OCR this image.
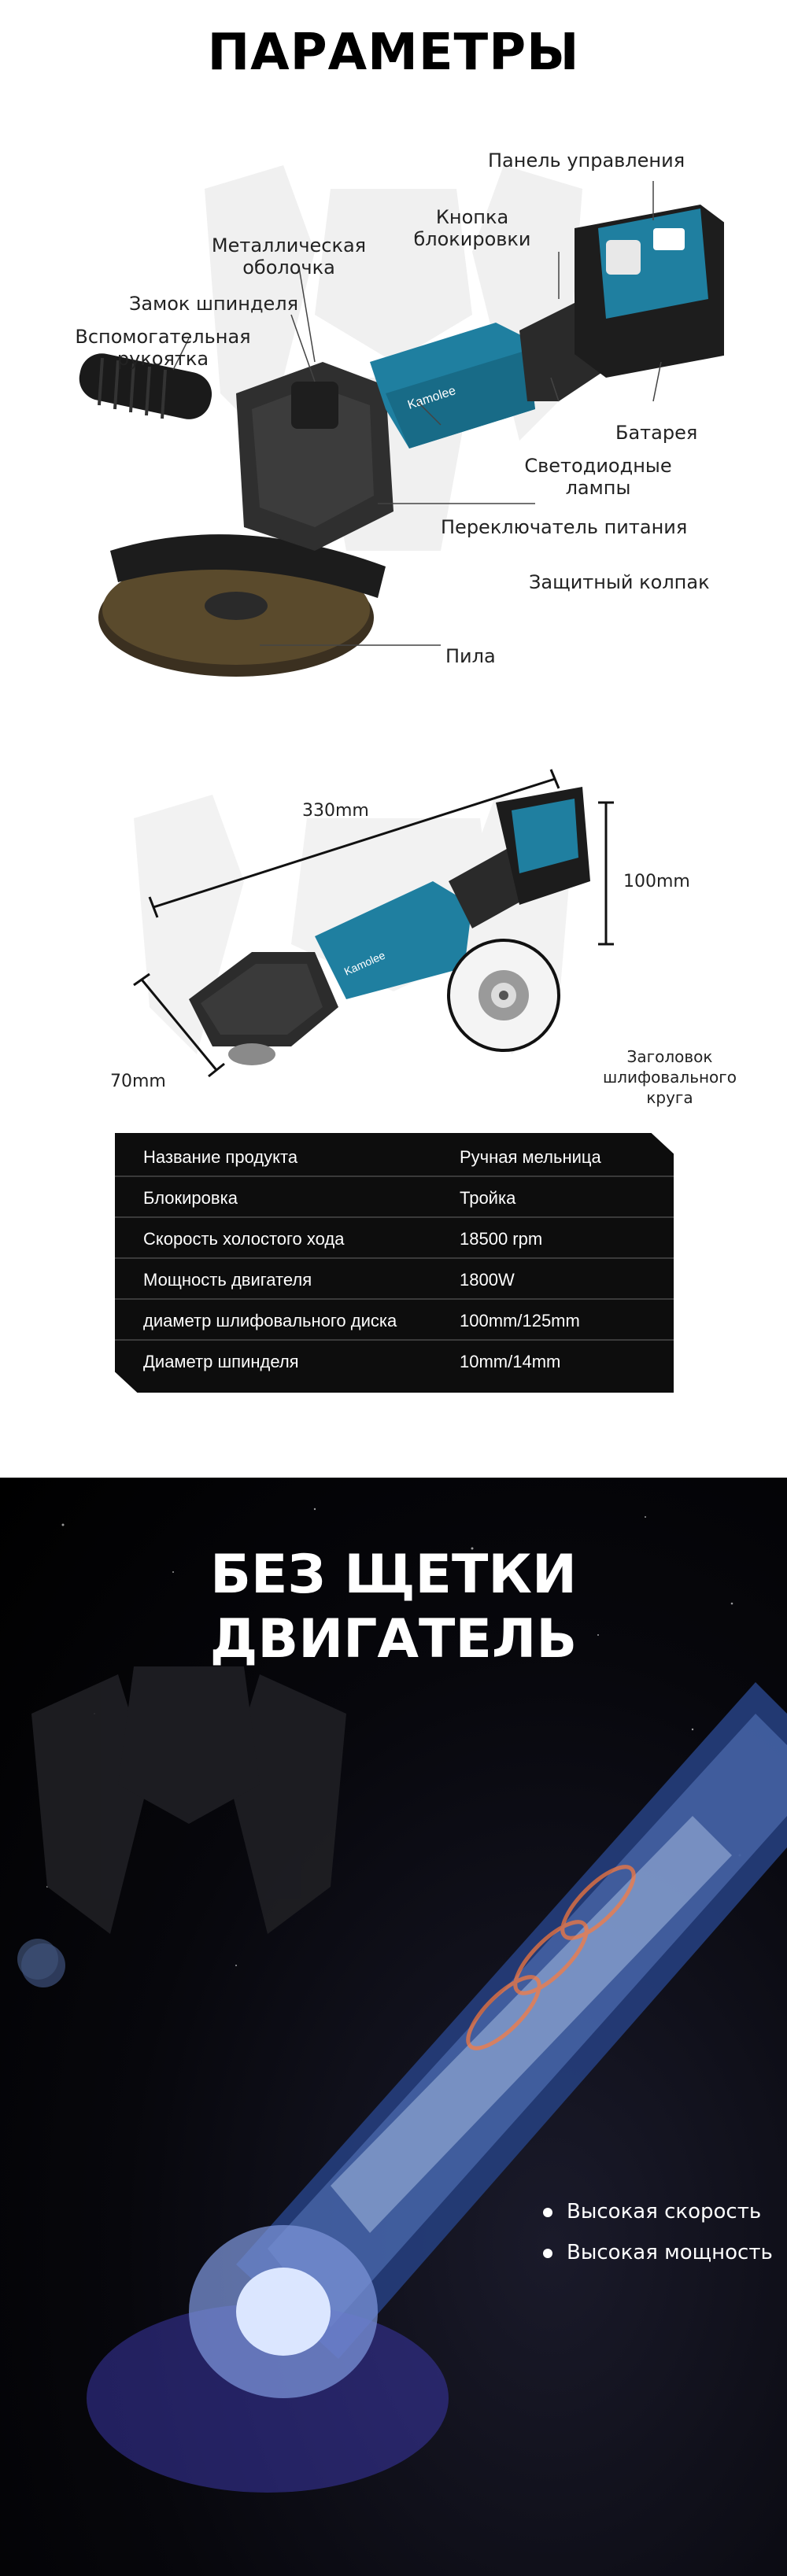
ПАРАМЕТРЫ
Kamolee
Панель управления
Кнопка
блокировки
Металлическая
оболочка
Замок шпинделя
Вспомогательная
рукоятка
Батарея
Светодиодные
лампы
Переключатель питания
Защитный колпак
Пила
Kamolee
330mm
100mm
70mm
Заголовок
шлифовального
круга
Название продукта	Ручная мельница
Блокировка	Тройка
Скорость холостого хода	18500 rpm
Мощность двигателя	1800W
диаметр шлифовального диска	100mm/125mm
Диаметр шпинделя	10mm/14mm
БЕЗ ЩЕТКИ
ДВИГАТЕЛЬ
Высокая скорость
Высокая мощность
